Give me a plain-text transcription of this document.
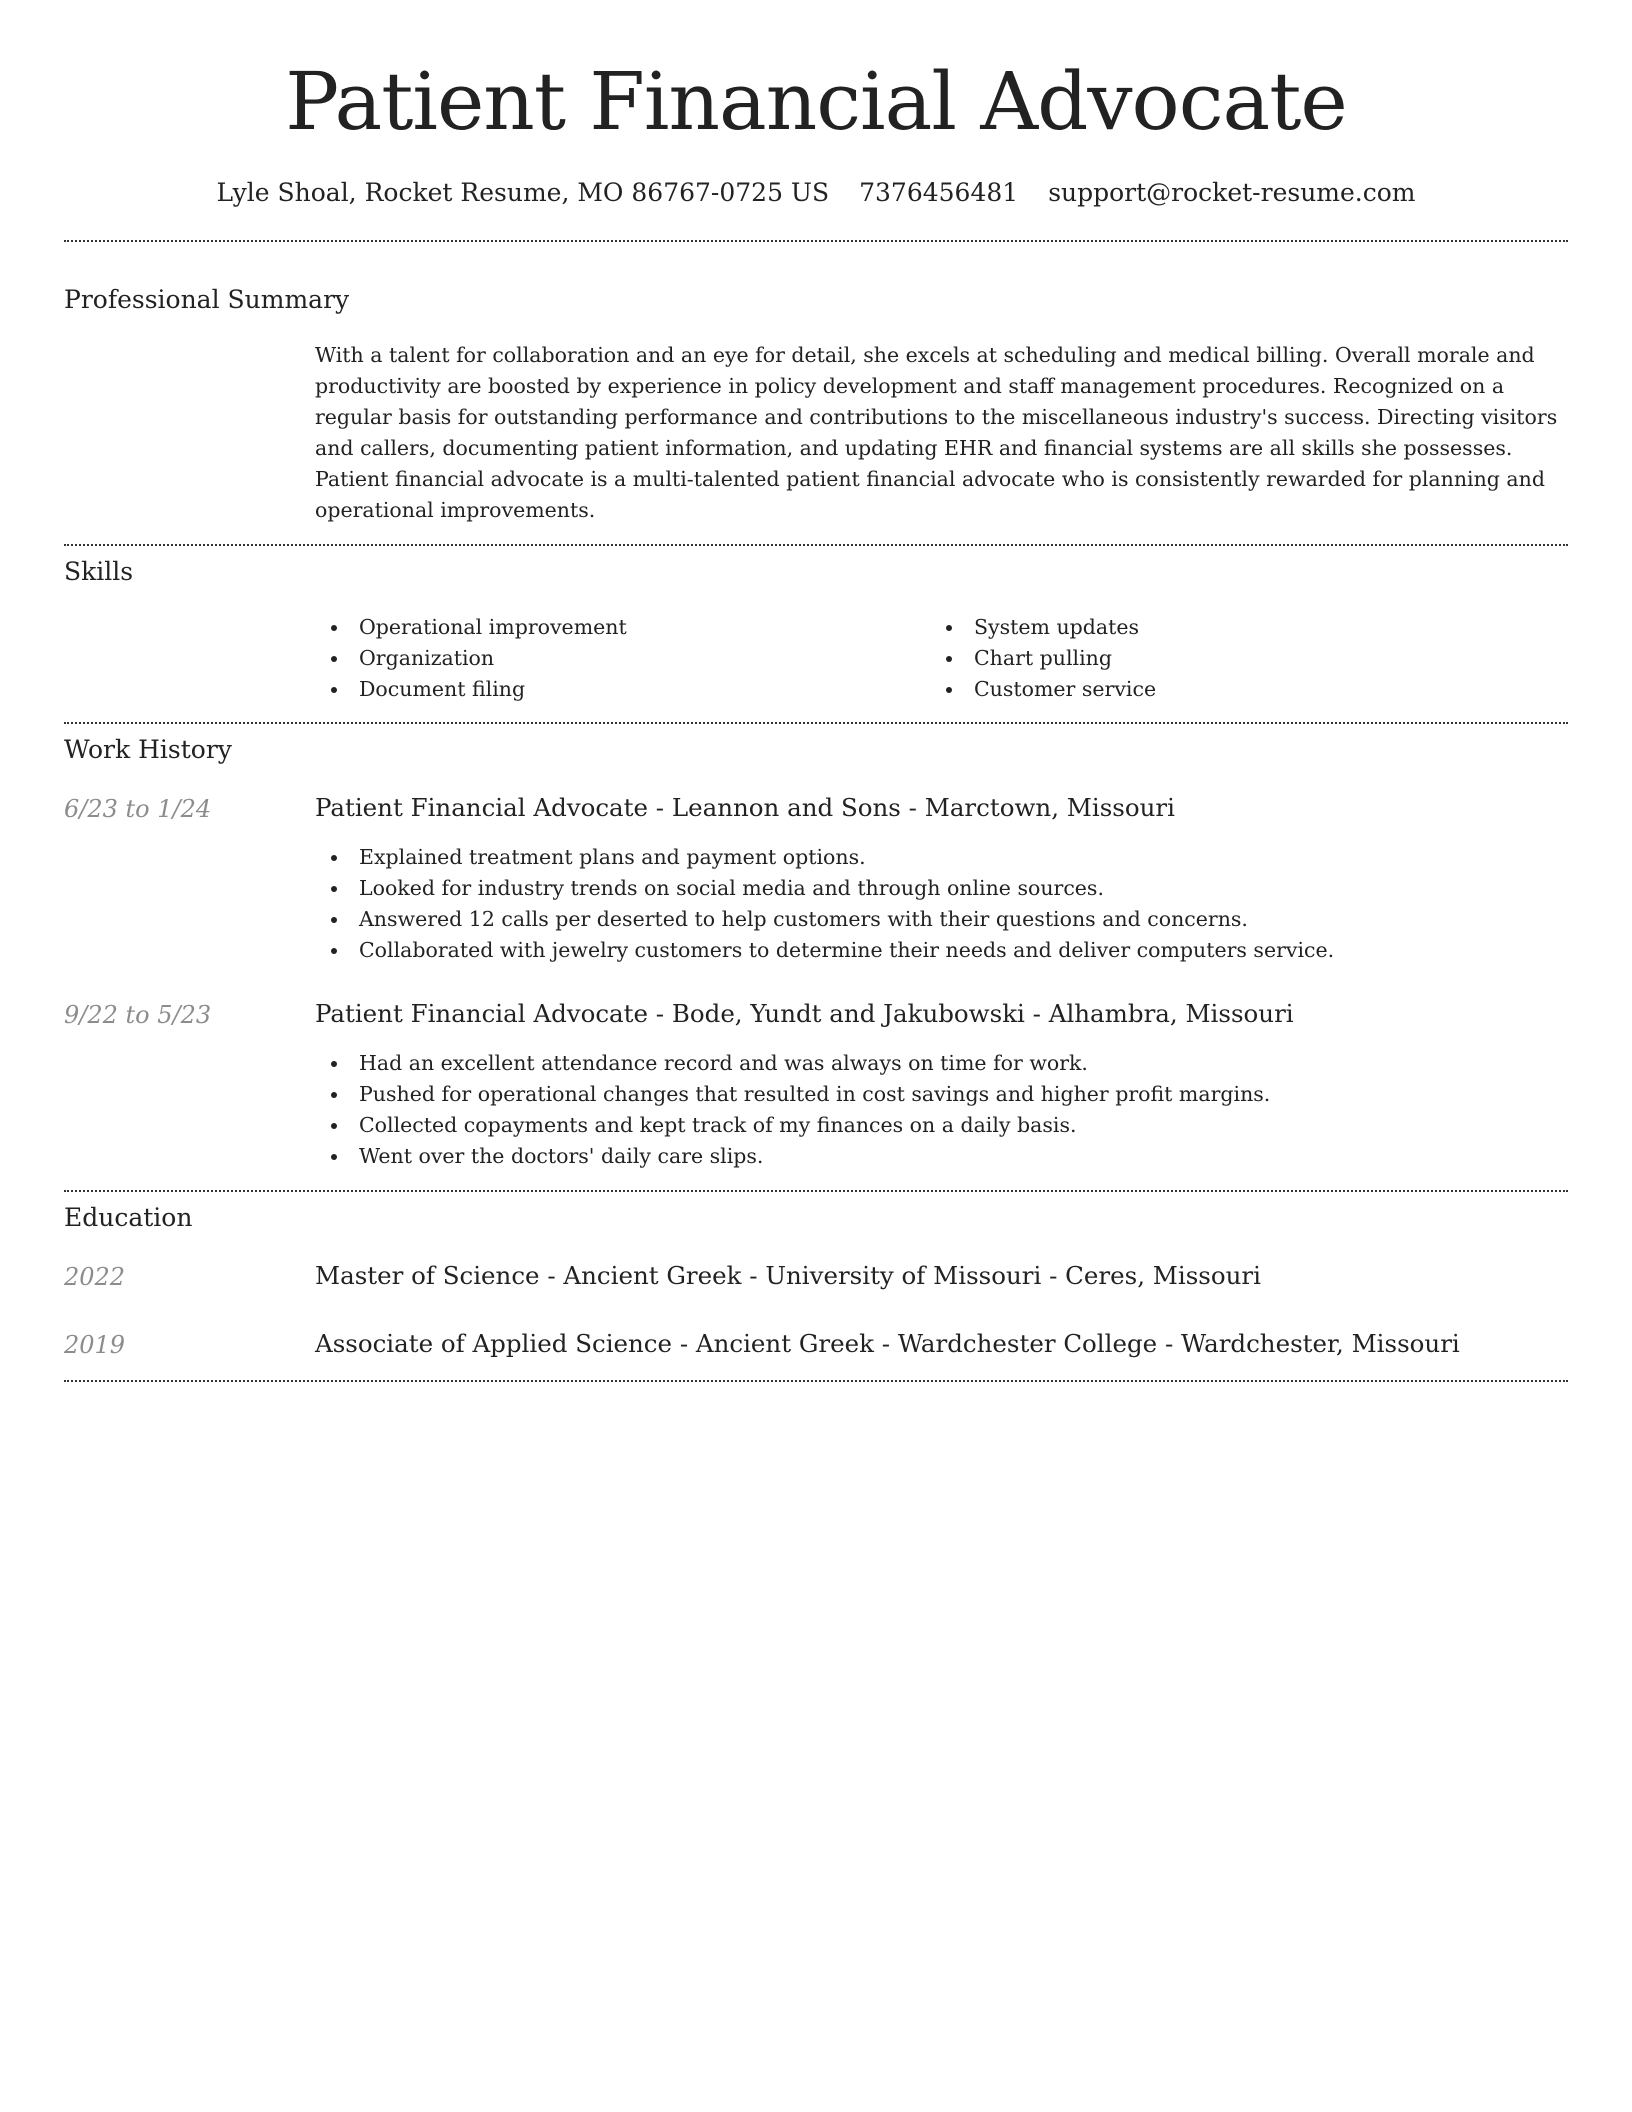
Patient Financial Advocate
Lyle Shoal, Rocket Resume, MO 86767-0725 US 7376456481 support@rocket-resume.com
Professional Summary

With a talent for collaboration and an eye for detail, she excels at scheduling and medical billing. Overall morale and productivity are boosted by experience in policy development and staff management procedures. Recognized on a regular basis for outstanding performance and contributions to the miscellaneous industry's success. Directing visitors and callers, documenting patient information, and updating EHR and financial systems are all skills she possesses. Patient financial advocate is a multi-talented patient financial advocate who is consistently rewarded for planning and operational improvements.

Skills
Operational improvement
Organization
Document filing
System updates
Chart pulling
Customer service
Work History
6/23 to 1/24	Patient Financial Advocate - Leannon and Sons - Marctown, Missouri
Explained treatment plans and payment options.
Looked for industry trends on social media and through online sources.
Answered 12 calls per deserted to help customers with their questions and concerns.
Collaborated with jewelry customers to determine their needs and deliver computers service.
9/22 to 5/23	Patient Financial Advocate - Bode, Yundt and Jakubowski - Alhambra, Missouri
Had an excellent attendance record and was always on time for work.
Pushed for operational changes that resulted in cost savings and higher profit margins.
Collected copayments and kept track of my finances on a daily basis.
Went over the doctors' daily care slips.
Education
2022	Master of Science - Ancient Greek - University of Missouri - Ceres, Missouri
2019	Associate of Applied Science - Ancient Greek - Wardchester College - Wardchester, Missouri
